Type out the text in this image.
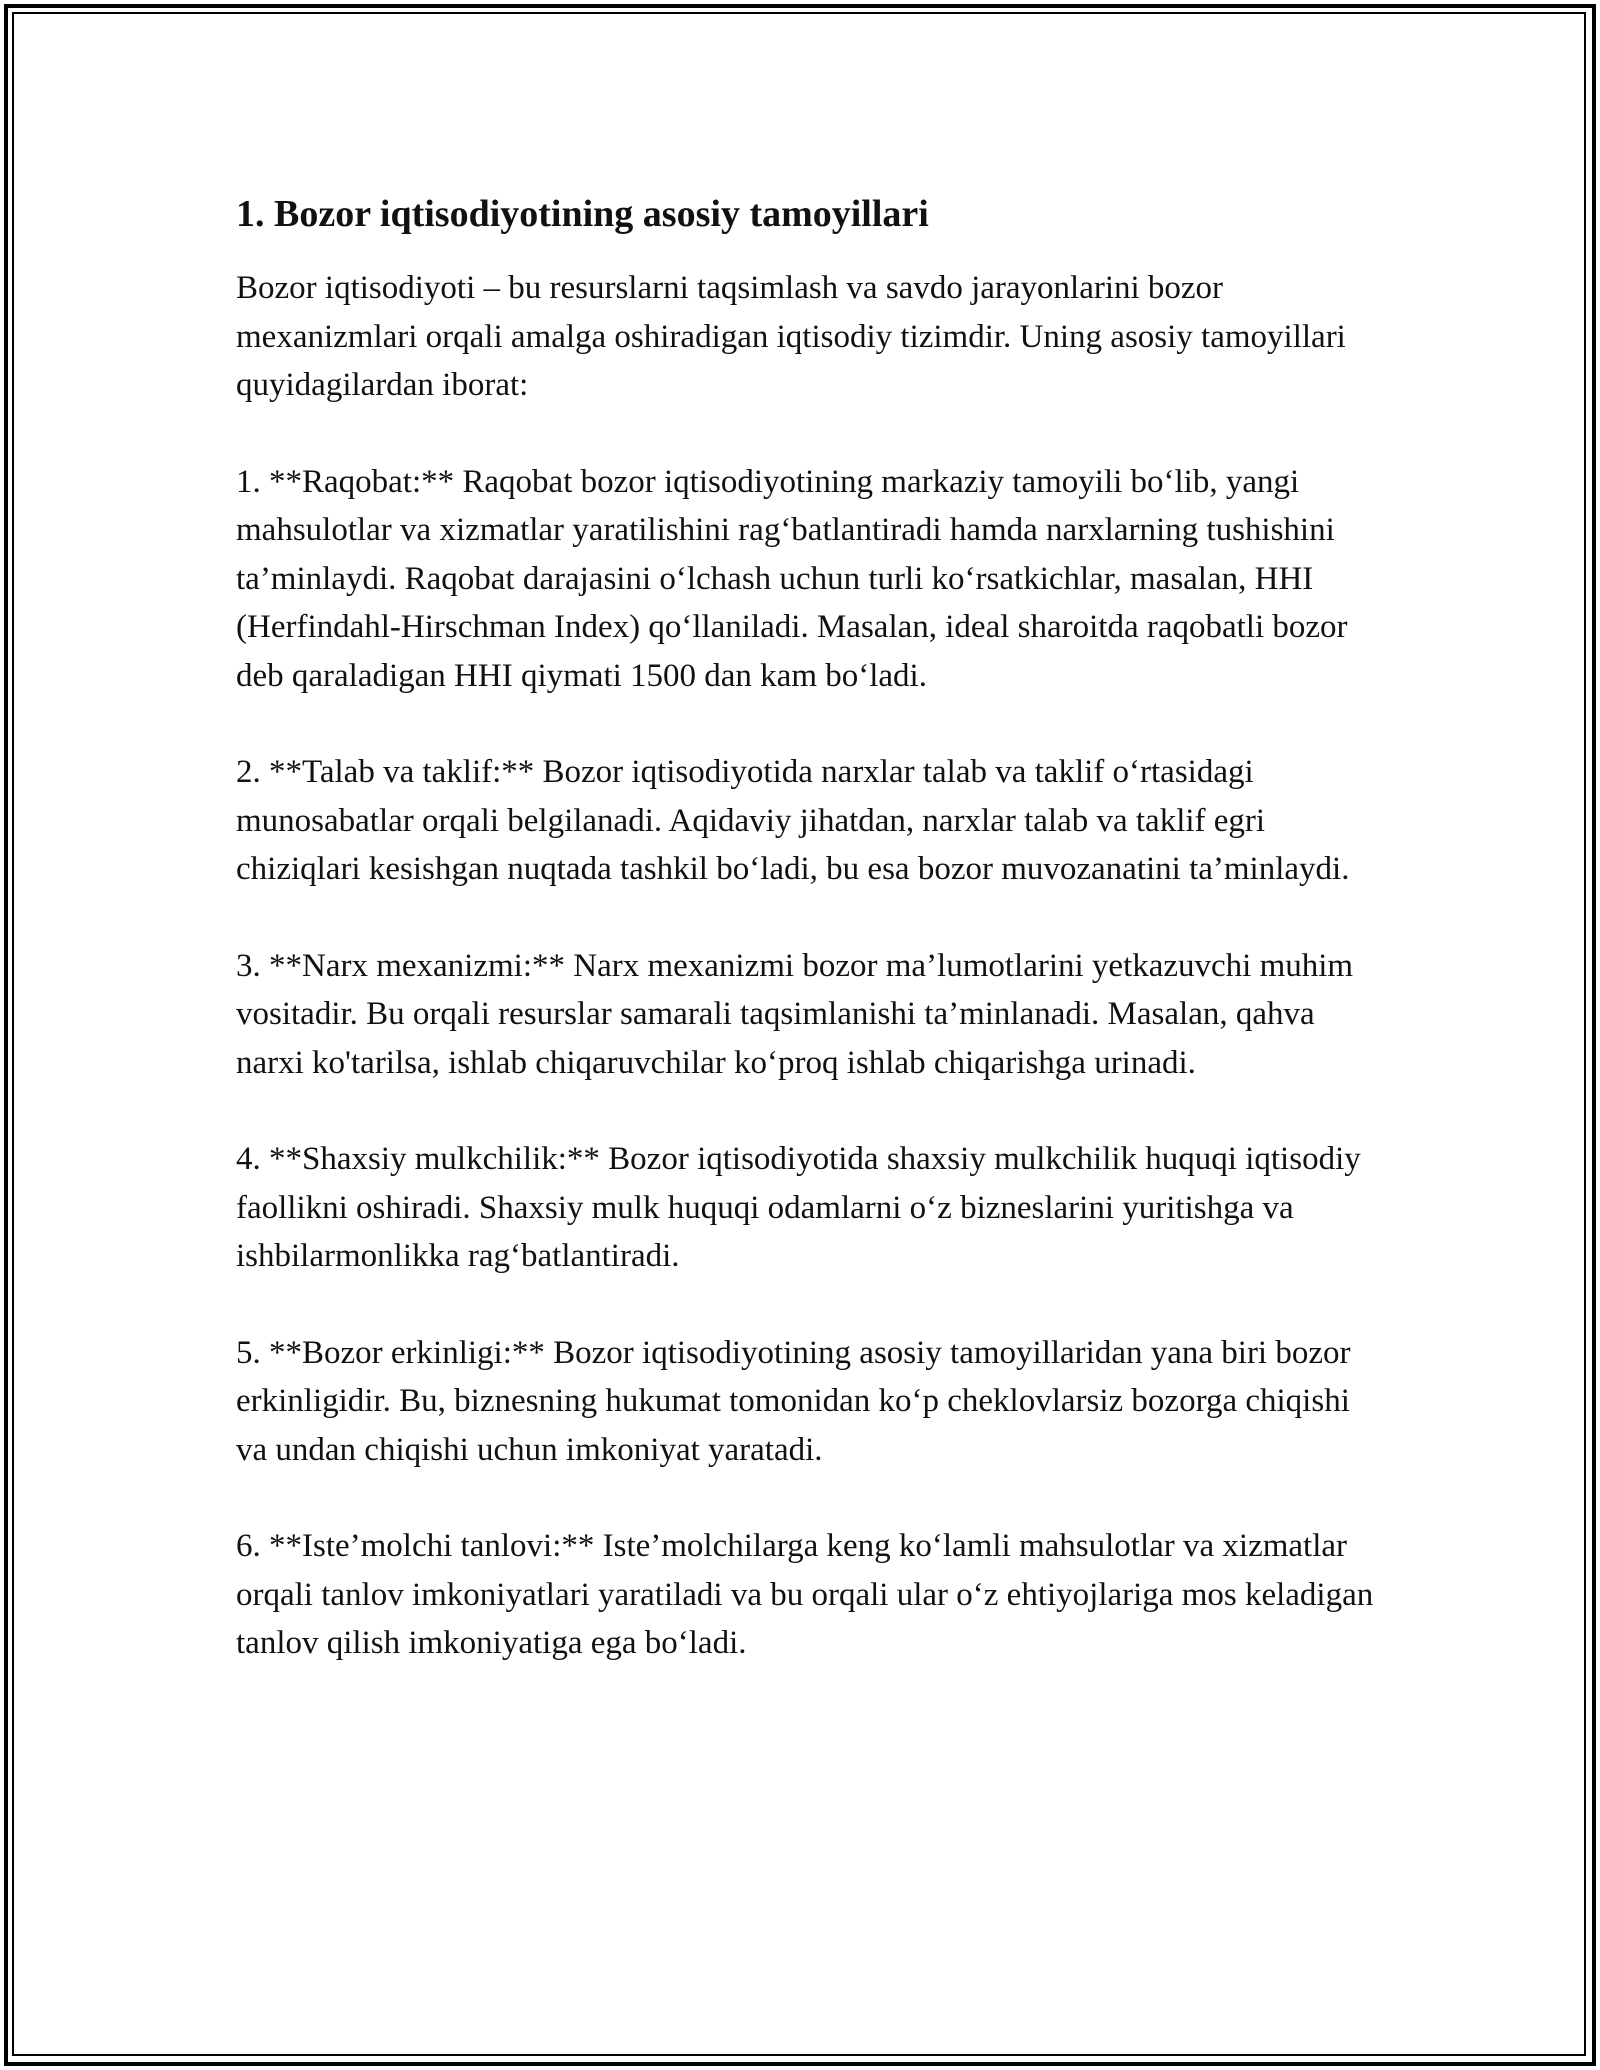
1. Bozor iqtisodiyotining asosiy tamoyillari

Bozor iqtisodiyoti – bu resurslarni taqsimlash va savdo jarayonlarini bozor mexanizmlari orqali amalga oshiradigan iqtisodiy tizimdir. Uning asosiy tamoyillari quyidagilardan iborat:

1. **Raqobat:** Raqobat bozor iqtisodiyotining markaziy tamoyili bo‘lib, yangi mahsulotlar va xizmatlar yaratilishini rag‘batlantiradi hamda narxlarning tushishini ta’minlaydi. Raqobat darajasini o‘lchash uchun turli ko‘rsatkichlar, masalan, HHI (Herfindahl-Hirschman Index) qo‘llaniladi. Masalan, ideal sharoitda raqobatli bozor deb qaraladigan HHI qiymati 1500 dan kam bo‘ladi.

2. **Talab va taklif:** Bozor iqtisodiyotida narxlar talab va taklif o‘rtasidagi munosabatlar orqali belgilanadi. Aqidaviy jihatdan, narxlar talab va taklif egri chiziqlari kesishgan nuqtada tashkil bo‘ladi, bu esa bozor muvozanatini ta’minlaydi.

3. **Narx mexanizmi:** Narx mexanizmi bozor ma’lumotlarini yetkazuvchi muhim vositadir. Bu orqali resurslar samarali taqsimlanishi ta’minlanadi. Masalan, qahva narxi ko'tarilsa, ishlab chiqaruvchilar ko‘proq ishlab chiqarishga urinadi.

4. **Shaxsiy mulkchilik:** Bozor iqtisodiyotida shaxsiy mulkchilik huquqi iqtisodiy faollikni oshiradi. Shaxsiy mulk huquqi odamlarni o‘z bizneslarini yuritishga va ishbilarmonlikka rag‘batlantiradi.

5. **Bozor erkinligi:** Bozor iqtisodiyotining asosiy tamoyillaridan yana biri bozor erkinligidir. Bu, biznesning hukumat tomonidan ko‘p cheklovlarsiz bozorga chiqishi va undan chiqishi uchun imkoniyat yaratadi.

6. **Iste’molchi tanlovi:** Iste’molchilarga keng ko‘lamli mahsulotlar va xizmatlar orqali tanlov imkoniyatlari yaratiladi va bu orqali ular o‘z ehtiyojlariga mos keladigan tanlov qilish imkoniyatiga ega bo‘ladi.
